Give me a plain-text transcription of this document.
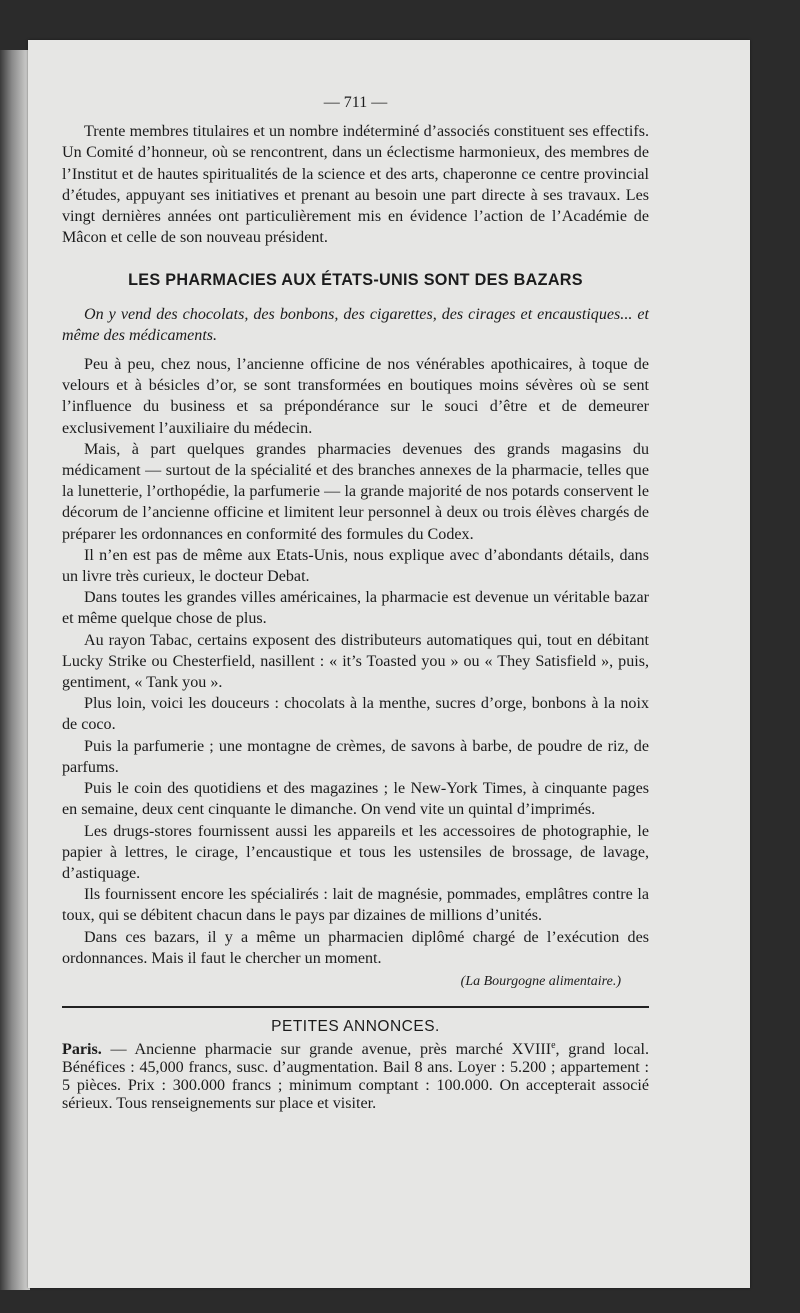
— 711 —

Trente membres titulaires et un nombre indéterminé d’associés constituent ses effectifs. Un Comité d’honneur, où se rencontrent, dans un éclectisme harmonieux, des membres de l’Institut et de hautes spiritualités de la science et des arts, chaperonne ce centre provincial d’études, appuyant ses initiatives et prenant au besoin une part directe à ses travaux. Les vingt dernières années ont particulièrement mis en évidence l’action de l’Académie de Mâcon et celle de son nouveau président.

LES PHARMACIES AUX ÉTATS-UNIS SONT DES BAZARS

On y vend des chocolats, des bonbons, des cigarettes, des cirages et encaustiques... et même des médicaments.

Peu à peu, chez nous, l’ancienne officine de nos vénérables apothicaires, à toque de velours et à bésicles d’or, se sont transformées en boutiques moins sévères où se sent l’influence du business et sa prépondérance sur le souci d’être et de demeurer exclusivement l’auxiliaire du médecin.

Mais, à part quelques grandes pharmacies devenues des grands magasins du médicament — surtout de la spécialité et des branches annexes de la pharmacie, telles que la lunetterie, l’orthopédie, la parfumerie — la grande majorité de nos potards conservent le décorum de l’ancienne officine et limitent leur personnel à deux ou trois élèves chargés de préparer les ordonnances en conformité des formules du Codex.

Il n’en est pas de même aux Etats-Unis, nous explique avec d’abondants détails, dans un livre très curieux, le docteur Debat.

Dans toutes les grandes villes américaines, la pharmacie est devenue un véritable bazar et même quelque chose de plus.

Au rayon Tabac, certains exposent des distributeurs automatiques qui, tout en débitant Lucky Strike ou Chesterfield, nasillent : « it’s Toasted you » ou « They Satisfield », puis, gentiment, « Tank you ».

Plus loin, voici les douceurs : chocolats à la menthe, sucres d’orge, bonbons à la noix de coco.

Puis la parfumerie ; une montagne de crèmes, de savons à barbe, de poudre de riz, de parfums.

Puis le coin des quotidiens et des magazines ; le New-York Times, à cinquante pages en semaine, deux cent cinquante le dimanche. On vend vite un quintal d’imprimés.

Les drugs-stores fournissent aussi les appareils et les accessoires de photographie, le papier à lettres, le cirage, l’encaustique et tous les ustensiles de brossage, de lavage, d’astiquage.

Ils fournissent encore les spécialirés : lait de magnésie, pommades, emplâtres contre la toux, qui se débitent chacun dans le pays par dizaines de millions d’unités.

Dans ces bazars, il y a même un pharmacien diplômé chargé de l’exécution des ordonnances. Mais il faut le chercher un moment.

(La Bourgogne alimentaire.)
PETITES ANNONCES.

Paris. — Ancienne pharmacie sur grande avenue, près marché XVIIIe, grand local. Bénéfices : 45,000 francs, susc. d’augmentation. Bail 8 ans. Loyer : 5.200 ; appartement : 5 pièces. Prix : 300.000 francs ; minimum comptant : 100.000. On accepterait associé sérieux. Tous renseignements sur place et visiter.
